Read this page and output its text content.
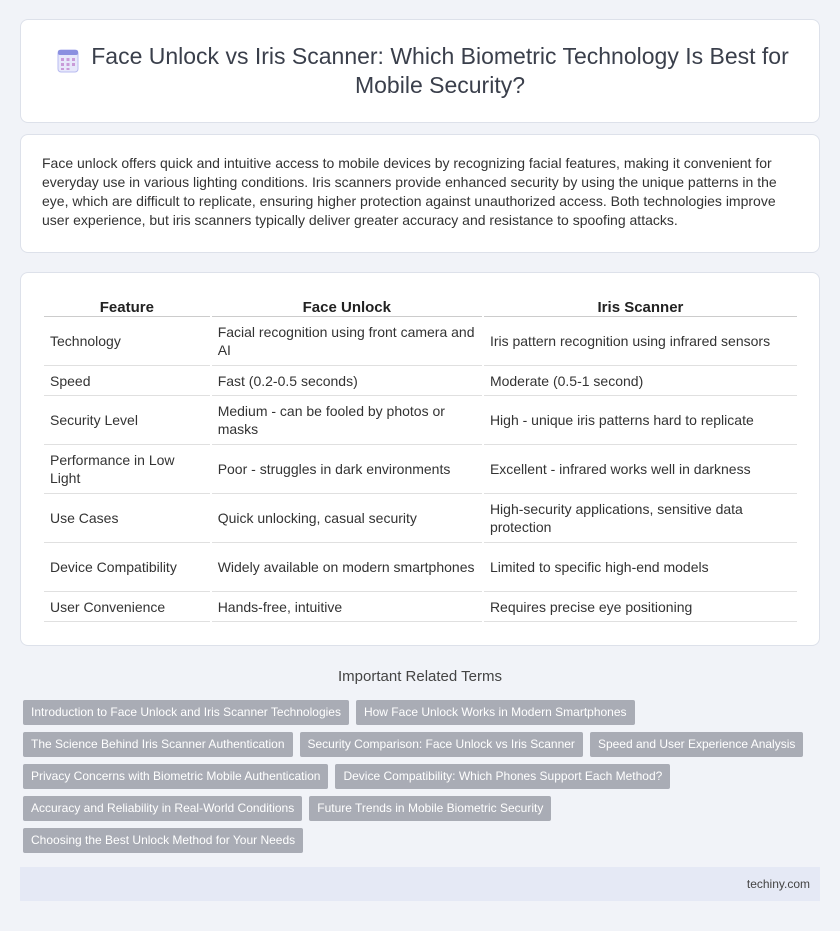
Face Unlock vs Iris Scanner: Which Biometric Technology Is Best for Mobile Security?

Face unlock offers quick and intuitive access to mobile devices by recognizing facial features, making it convenient for everyday use in various lighting conditions. Iris scanners provide enhanced security by using the unique patterns in the eye, which are difficult to replicate, ensuring higher protection against unauthorized access. Both technologies improve user experience, but iris scanners typically deliver greater accuracy and resistance to spoofing attacks.

Feature	Face Unlock	Iris Scanner
Technology	Facial recognition using front camera and AI	Iris pattern recognition using infrared sensors
Speed	Fast (0.2-0.5 seconds)	Moderate (0.5-1 second)
Security Level	Medium - can be fooled by photos or masks	High - unique iris patterns hard to replicate
Performance in Low Light	Poor - struggles in dark environments	Excellent - infrared works well in darkness
Use Cases	Quick unlocking, casual security	High-security applications, sensitive data protection
Device Compatibility	Widely available on modern smartphones	Limited to specific high-end models
User Convenience	Hands-free, intuitive	Requires precise eye positioning
Important Related Terms
Introduction to Face Unlock and Iris Scanner Technologies	How Face Unlock Works in Modern Smartphones
The Science Behind Iris Scanner Authentication	Security Comparison: Face Unlock vs Iris Scanner	Speed and User Experience Analysis
Privacy Concerns with Biometric Mobile Authentication	Device Compatibility: Which Phones Support Each Method?
Accuracy and Reliability in Real-World Conditions	Future Trends in Mobile Biometric Security
Choosing the Best Unlock Method for Your Needs
techiny.com
